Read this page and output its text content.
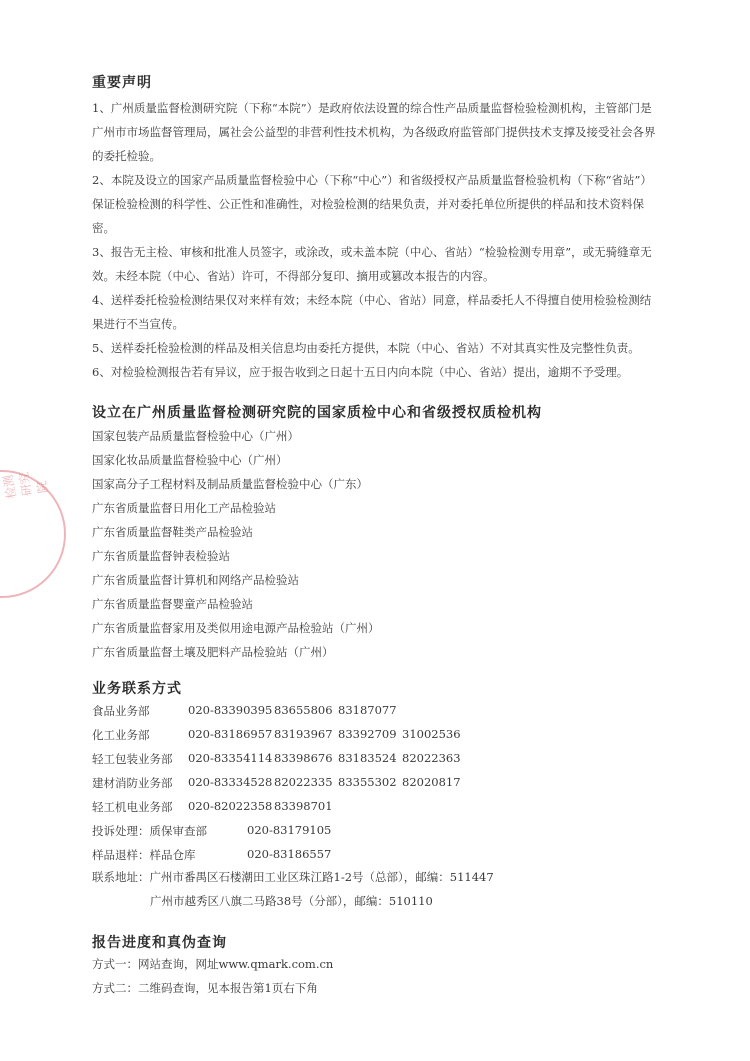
检测研究院
重要声明
1、广州质量监督检测研究院（下称“本院”）是政府依法设置的综合性产品质量监督检验检测机构，主管部门是广州市市场监督管理局，属社会公益型的非营利性技术机构，为各级政府监管部门提供技术支撑及接受社会各界的委托检验。
2、本院及设立的国家产品质量监督检验中心（下称“中心”）和省级授权产品质量监督检验机构（下称“省站”）保证检验检测的科学性、公正性和准确性，对检验检测的结果负责，并对委托单位所提供的样品和技术资料保密。
3、报告无主检、审核和批准人员签字，或涂改，或未盖本院（中心、省站）“检验检测专用章”，或无骑缝章无效。未经本院（中心、省站）许可，不得部分复印、摘用或篡改本报告的内容。
4、送样委托检验检测结果仅对来样有效；未经本院（中心、省站）同意，样品委托人不得擅自使用检验检测结果进行不当宣传。
5、送样委托检验检测的样品及相关信息均由委托方提供，本院（中心、省站）不对其真实性及完整性负责。
6、对检验检测报告若有异议，应于报告收到之日起十五日内向本院（中心、省站）提出，逾期不予受理。
设立在广州质量监督检测研究院的国家质检中心和省级授权质检机构
国家包装产品质量监督检验中心（广州）
国家化妆品质量监督检验中心（广州）
国家高分子工程材料及制品质量监督检验中心（广东）
广东省质量监督日用化工产品检验站
广东省质量监督鞋类产品检验站
广东省质量监督钟表检验站
广东省质量监督计算机和网络产品检验站
广东省质量监督婴童产品检验站
广东省质量监督家用及类似用途电源产品检验站（广州）
广东省质量监督土壤及肥料产品检验站（广州）
业务联系方式
食品业务部	020-83390395 83655806 83187077
化工业务部	020-83186957 83193967 83392709 31002536
轻工包装业务部 020-83354114 83398676 83183524 82022363
建材消防业务部 020-83334528 82022335 83355302 82020817
轻工机电业务部 020-82022358 83398701
投诉处理：质保审查部	020-83179105
样品退样：样品仓库	020-83186557
联系地址：广州市番禺区石楼潮田工业区珠江路1-2号（总部），邮编：511447
广州市越秀区八旗二马路38号（分部），邮编：510110
报告进度和真伪查询
方式一：网站查询，网址www.qmark.com.cn
方式二：二维码查询，见本报告第1页右下角
